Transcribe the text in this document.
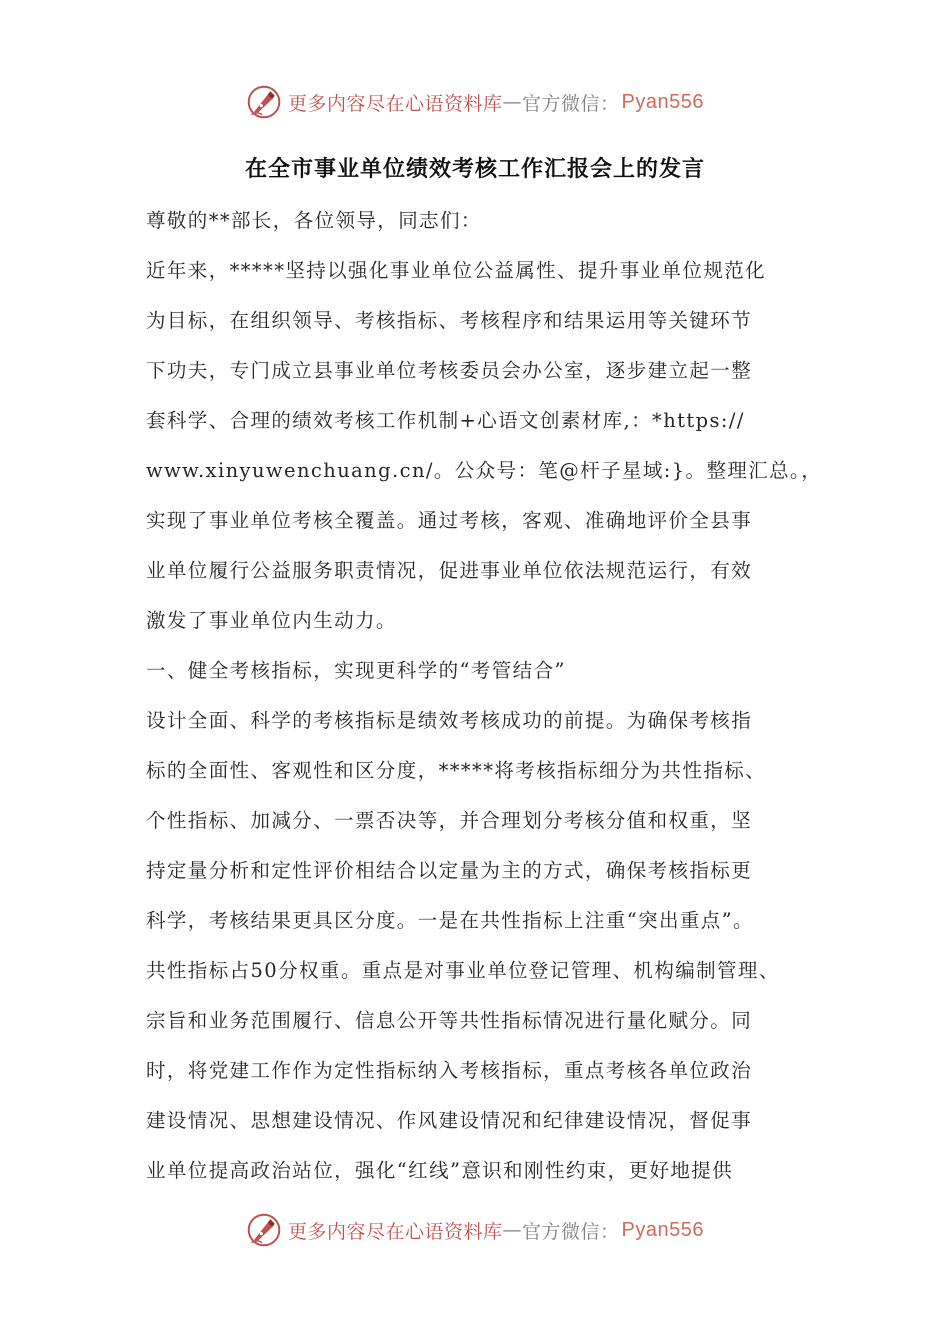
更多内容尽在心语资料库 — 官方微信： Pyan556
在全市事业单位绩效考核工作汇报会上的发言
尊敬的**部长，各位领导，同志们：
近年来，*****坚持以强化事业单位公益属性、提升事业单位规范化
为目标，在组织领导、考核指标、考核程序和结果运用等关键环节
下功夫，专门成立县事业单位考核委员会办公室，逐步建立起一整
套科学、合理的绩效考核工作机制+心语文创素材库,：*https://
www.xinyuwenchuang.cn/。公众号：笔@杆子星域:}。整理汇总。，
实现了事业单位考核全覆盖。通过考核，客观、准确地评价全县事
业单位履行公益服务职责情况，促进事业单位依法规范运行，有效
激发了事业单位内生动力。
一、健全考核指标，实现更科学的“考管结合”
设计全面、科学的考核指标是绩效考核成功的前提。为确保考核指
标的全面性、客观性和区分度，*****将考核指标细分为共性指标、
个性指标、加减分、一票否决等，并合理划分考核分值和权重，坚
持定量分析和定性评价相结合以定量为主的方式，确保考核指标更
科学，考核结果更具区分度。一是在共性指标上注重“突出重点”。
共性指标占50分权重。重点是对事业单位登记管理、机构编制管理、
宗旨和业务范围履行、信息公开等共性指标情况进行量化赋分。同
时，将党建工作作为定性指标纳入考核指标，重点考核各单位政治
建设情况、思想建设情况、作风建设情况和纪律建设情况，督促事
业单位提高政治站位，强化“红线”意识和刚性约束，更好地提供
更多内容尽在心语资料库 — 官方微信： Pyan556
